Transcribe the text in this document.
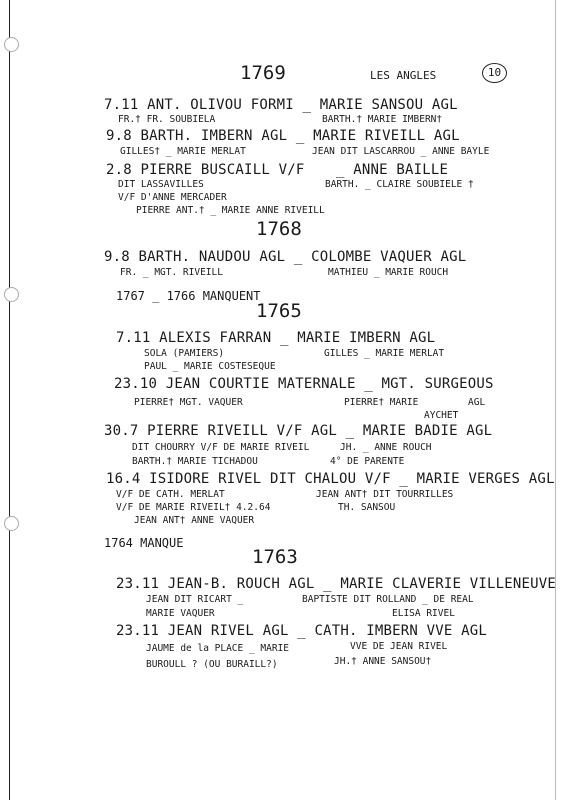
1769	LES ANGLES	10
7.11 ANT. OLIVOU FORMI _ MARIE SANSOU AGL
FR.† FR. SOUBIELA	BARTH.† MARIE IMBERN†
9.8 BARTH. IMBERN AGL _ MARIE RIVEILL AGL
GILLES† _ MARIE MERLAT	JEAN DIT LASCARROU _ ANNE BAYLE
2.8 PIERRE BUSCAILL V/F _ ANNE BAILLE
DIT LASSAVILLES	BARTH. _ CLAIRE SOUBIELE †
V/F D'ANNE MERCADER
PIERRE ANT.† _ MARIE ANNE RIVEILL
1768
9.8 BARTH. NAUDOU AGL _ COLOMBE VAQUER AGL
FR. _ MGT. RIVEILL	MATHIEU _ MARIE ROUCH
1767 _ 1766 MANQUENT
1765
7.11 ALEXIS FARRAN _ MARIE IMBERN AGL
SOLA (PAMIERS)	GILLES _ MARIE MERLAT
PAUL _ MARIE COSTESEQUE
23.10 JEAN COURTIE MATERNALE _ MGT. SURGEOUS
PIERRE† MGT. VAQUER	PIERRE† MARIE	AGL
AYCHET
30.7 PIERRE RIVEILL V/F AGL _ MARIE BADIE AGL
DIT CHOURRY V/F DE MARIE RIVEIL	JH. _ ANNE ROUCH
BARTH.† MARIE TICHADOU	4° DE PARENTE
16.4 ISIDORE RIVEL DIT CHALOU V/F _ MARIE VERGES AGL
V/F DE CATH. MERLAT	JEAN ANT† DIT TOURRILLES
V/F DE MARIE RIVEIL† 4.2.64	TH. SANSOU
JEAN ANT† ANNE VAQUER
1764 MANQUE
1763
23.11 JEAN-B. ROUCH AGL _ MARIE CLAVERIE VILLENEUVE
JEAN DIT RICART _	BAPTISTE DIT ROLLAND _ DE REAL
MARIE VAQUER	ELISA RIVEL
23.11 JEAN RIVEL AGL _ CATH. IMBERN VVE AGL
JAUME de la PLACE _ MARIE	VVE DE JEAN RIVEL
BUROULL ? (OU BURAILL?)	JH.† ANNE SANSOU†
